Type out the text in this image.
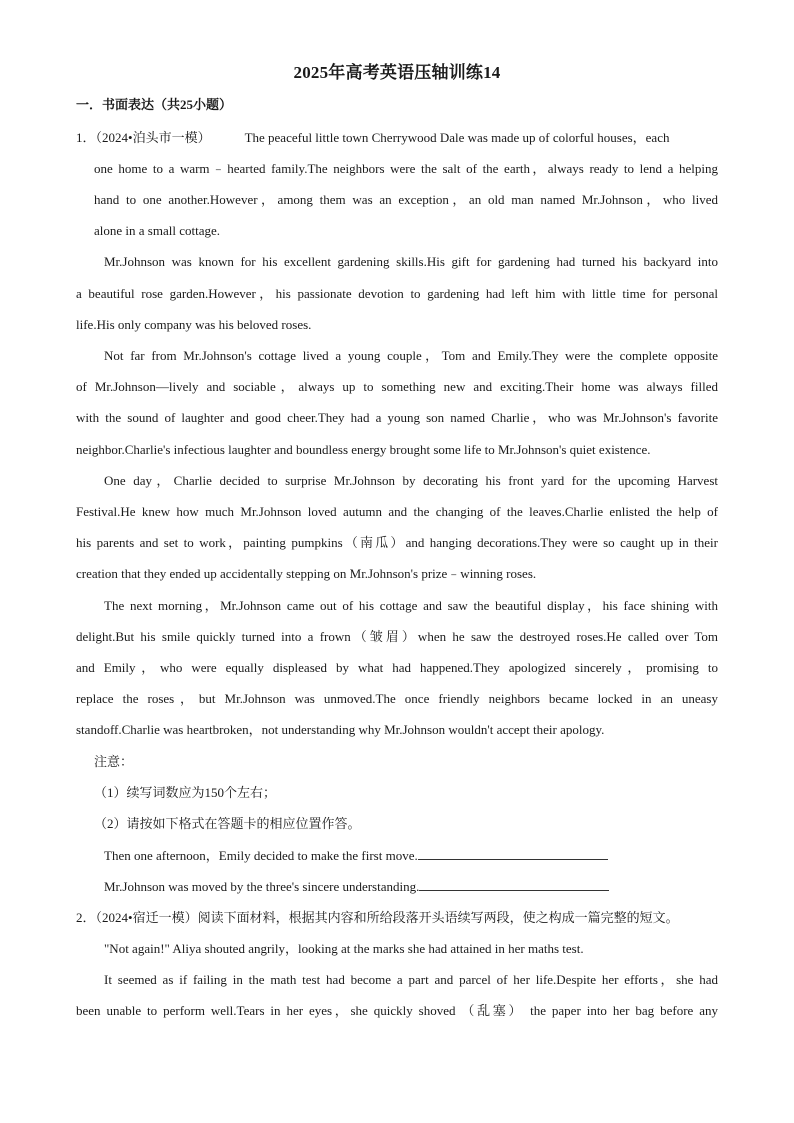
2025年高考英语压轴训练14
一．书面表达（共25小题）
1．（2024•泊头市一模）	The peaceful little town Cherrywood Dale was made up of colorful houses，each
one home to a warm﹣hearted family.The neighbors were the salt of the earth，always ready to lend a helping
hand to one another.However，among them was an exception，an old man named Mr.Johnson，who lived
alone in a small cottage.
Mr.Johnson was known for his excellent gardening skills.His gift for gardening had turned his backyard into
a beautiful rose garden.However，his passionate devotion to gardening had left him with little time for personal
life.His only company was his beloved roses.
Not far from Mr.Johnson's cottage lived a young couple，Tom and Emily.They were the complete opposite
of Mr.Johnson—lively and sociable，always up to something new and exciting.Their home was always filled
with the sound of laughter and good cheer.They had a young son named Charlie，who was Mr.Johnson's favorite
neighbor.Charlie's infectious laughter and boundless energy brought some life to Mr.Johnson's quiet existence.
One day，Charlie decided to surprise Mr.Johnson by decorating his front yard for the upcoming Harvest
Festival.He knew how much Mr.Johnson loved autumn and the changing of the leaves.Charlie enlisted the help of
his parents and set to work，painting pumpkins（南瓜）and hanging decorations.They were so caught up in their
creation that they ended up accidentally stepping on Mr.Johnson's prize﹣winning roses.
The next morning，Mr.Johnson came out of his cottage and saw the beautiful display，his face shining with
delight.But his smile quickly turned into a frown（皱眉）when he saw the destroyed roses.He called over Tom
and Emily，who were equally displeased by what had happened.They apologized sincerely，promising to
replace the roses，but Mr.Johnson was unmoved.The once friendly neighbors became locked in an uneasy
standoff.Charlie was heartbroken，not understanding why Mr.Johnson wouldn't accept their apology.
注意：
（1）续写词数应为150个左右；
（2）请按如下格式在答题卡的相应位置作答。
Then one afternoon，Emily decided to make the first move.
Mr.Johnson was moved by the three's sincere understanding.
2．（2024•宿迁一模）阅读下面材料，根据其内容和所给段落开头语续写两段，使之构成一篇完整的短文。
"Not again!" Aliya shouted angrily，looking at the marks she had attained in her maths test.
It seemed as if failing in the math test had become a part and parcel of her life.Despite her efforts，she had
been unable to perform well.Tears in her eyes，she quickly shoved （乱塞） the paper into her bag before any
